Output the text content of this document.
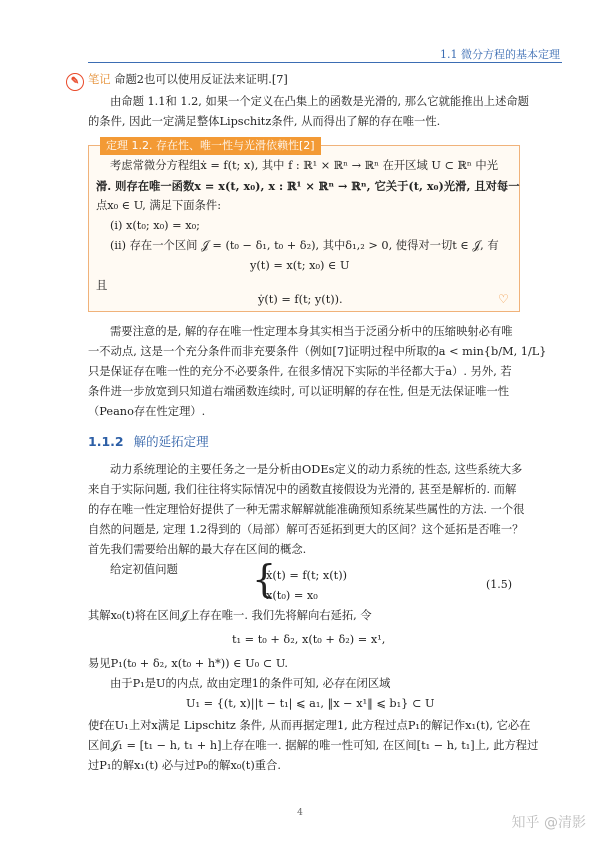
1.1 微分方程的基本定理
✎ 笔记 命题2也可以使用反证法来证明.[7]
由命题 1.1和 1.2, 如果一个定义在凸集上的函数是光滑的, 那么它就能推出上述命题
的条件, 因此一定满足整体Lipschitz条件, 从而得出了解的存在唯一性.
定理 1.2. 存在性、唯一性与光滑依赖性[2]
考虑常微分方程组ẋ = f(t; x), 其中 f : ℝ¹ × ℝⁿ → ℝⁿ 在开区域 U ⊂ ℝⁿ 中光
滑. 则存在唯一函数x = x(t, x₀), x : ℝ¹ × ℝⁿ → ℝⁿ, 它关于(t, x₀)光滑, 且对每一
点x₀ ∈ U, 满足下面条件:
(i) x(t₀; x₀) = x₀;
(ii) 存在一个区间 𝒥 = (t₀ − δ₁, t₀ + δ₂), 其中δ₁,₂ > 0, 使得对一切t ∈ 𝒥, 有
y(t) = x(t; x₀) ∈ U
且
ẏ(t) = f(t; y(t)).	♡
需要注意的是, 解的存在唯一性定理本身其实相当于泛函分析中的压缩映射必有唯
一不动点, 这是一个充分条件而非充要条件（例如[7]证明过程中所取的a < min{b/M, 1/L}
只是保证存在唯一性的充分不必要条件, 在很多情况下实际的半径都大于a）. 另外, 若
条件进一步放宽到只知道右端函数连续时, 可以证明解的存在性, 但是无法保证唯一性
（Peano存在性定理）.
1.1.2 解的延拓定理
动力系统理论的主要任务之一是分析由ODEs定义的动力系统的性态, 这些系统大多
来自于实际问题, 我们往往将实际情况中的函数直接假设为光滑的, 甚至是解析的. 而解
的存在唯一性定理恰好提供了一种无需求解解就能准确预知系统某些属性的方法. 一个很
自然的问题是, 定理 1.2得到的（局部）解可否延拓到更大的区间？这个延拓是否唯一？
首先我们需要给出解的最大存在区间的概念.
给定初值问题 {
ẋ(t) = f(t; x(t))
x(t₀) = x₀
(1.5)
其解x₀(t)将在区间𝒥上存在唯一. 我们先将解向右延拓, 令
t₁ = t₀ + δ₂, x(t₀ + δ₂) = x¹,
易见P₁(t₀ + δ₂, x(t₀ + h*)) ∈ U₀ ⊂ U.
由于P₁是U的内点, 故由定理1的条件可知, 必存在闭区域
U₁ = {(t, x)||t − t₁| ⩽ a₁, ‖x − x¹‖ ⩽ b₁} ⊂ U
使f在U₁上对x满足 Lipschitz 条件, 从而再据定理1, 此方程过点P₁的解记作x₁(t), 它必在
区间𝒥₁ = [t₁ − h, t₁ + h]上存在唯一. 据解的唯一性可知, 在区间[t₁ − h, t₁]上, 此方程过
过P₁的解x₁(t) 必与过P₀的解x₀(t)重合.
4
知乎 @清影
